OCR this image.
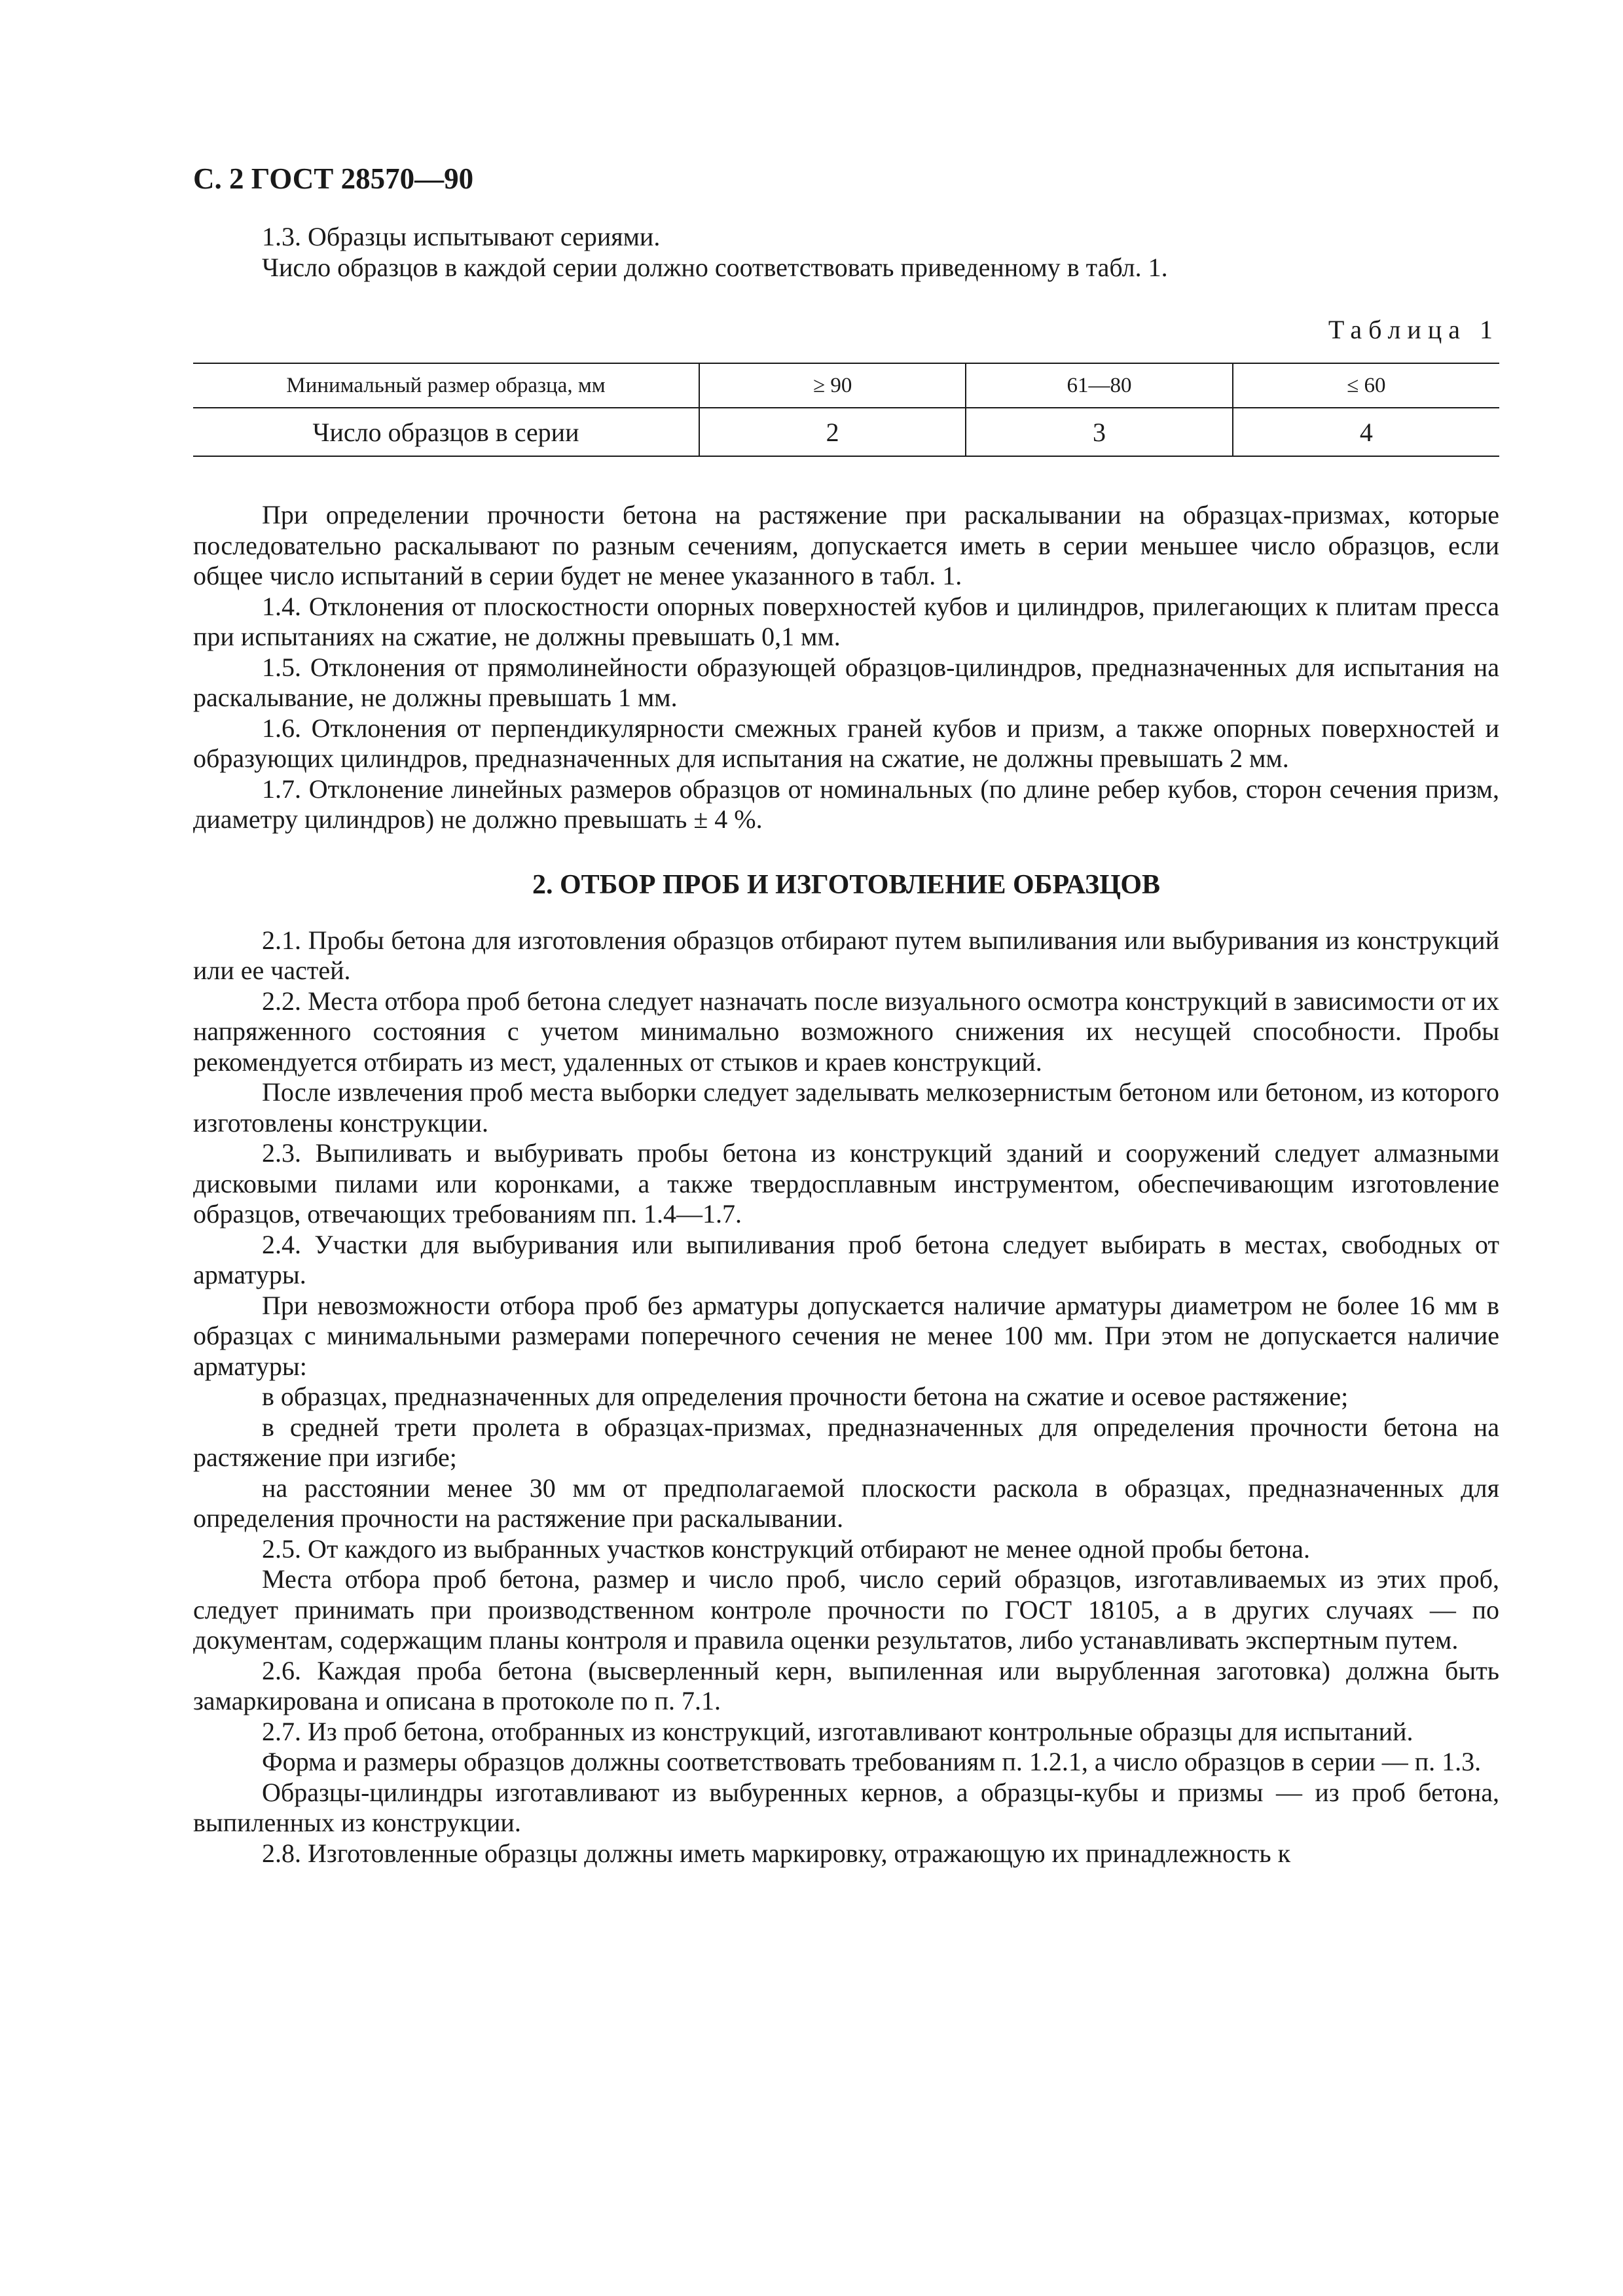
С. 2 ГОСТ 28570—90

1.3. Образцы испытывают сериями.

Число образцов в каждой серии должно соответствовать приведенному в табл. 1.

Таблица 1
Минимальный размер образца, мм	≥ 90	61—80	≤ 60
Число образцов в серии	2	3	4

При определении прочности бетона на растяжение при раскалывании на образцах-призмах, которые последовательно раскалывают по разным сечениям, допускается иметь в серии меньшее число образцов, если общее число испытаний в серии будет не менее указанного в табл. 1.

1.4. Отклонения от плоскостности опорных поверхностей кубов и цилиндров, прилегающих к плитам пресса при испытаниях на сжатие, не должны превышать 0,1 мм.

1.5. Отклонения от прямолинейности образующей образцов-цилиндров, предназначенных для испытания на раскалывание, не должны превышать 1 мм.

1.6. Отклонения от перпендикулярности смежных граней кубов и призм, а также опорных поверхностей и образующих цилиндров, предназначенных для испытания на сжатие, не должны превышать 2 мм.

1.7. Отклонение линейных размеров образцов от номинальных (по длине ребер кубов, сторон сечения призм, диаметру цилиндров) не должно превышать ± 4 %.

2. ОТБОР ПРОБ И ИЗГОТОВЛЕНИЕ ОБРАЗЦОВ

2.1. Пробы бетона для изготовления образцов отбирают путем выпиливания или выбуривания из конструкций или ее частей.

2.2. Места отбора проб бетона следует назначать после визуального осмотра конструкций в зависимости от их напряженного состояния с учетом минимально возможного снижения их несущей способности. Пробы рекомендуется отбирать из мест, удаленных от стыков и краев конструкций.

После извлечения проб места выборки следует заделывать мелкозернистым бетоном или бетоном, из которого изготовлены конструкции.

2.3. Выпиливать и выбуривать пробы бетона из конструкций зданий и сооружений следует алмазными дисковыми пилами или коронками, а также твердосплавным инструментом, обеспечивающим изготовление образцов, отвечающих требованиям пп. 1.4—1.7.

2.4. Участки для выбуривания или выпиливания проб бетона следует выбирать в местах, свободных от арматуры.

При невозможности отбора проб без арматуры допускается наличие арматуры диаметром не более 16 мм в образцах с минимальными размерами поперечного сечения не менее 100 мм. При этом не допускается наличие арматуры:

в образцах, предназначенных для определения прочности бетона на сжатие и осевое растяжение;

в средней трети пролета в образцах-призмах, предназначенных для определения прочности бетона на растяжение при изгибе;

на расстоянии менее 30 мм от предполагаемой плоскости раскола в образцах, предназначенных для определения прочности на растяжение при раскалывании.

2.5. От каждого из выбранных участков конструкций отбирают не менее одной пробы бетона.

Места отбора проб бетона, размер и число проб, число серий образцов, изготавливаемых из этих проб, следует принимать при производственном контроле прочности по ГОСТ 18105, а в других случаях — по документам, содержащим планы контроля и правила оценки результатов, либо устанавливать экспертным путем.

2.6. Каждая проба бетона (высверленный керн, выпиленная или вырубленная заготовка) должна быть замаркирована и описана в протоколе по п. 7.1.

2.7. Из проб бетона, отобранных из конструкций, изготавливают контрольные образцы для испытаний.

Форма и размеры образцов должны соответствовать требованиям п. 1.2.1, а число образцов в серии — п. 1.3.

Образцы-цилиндры изготавливают из выбуренных кернов, а образцы-кубы и призмы — из проб бетона, выпиленных из конструкции.

2.8. Изготовленные образцы должны иметь маркировку, отражающую их принадлежность к
